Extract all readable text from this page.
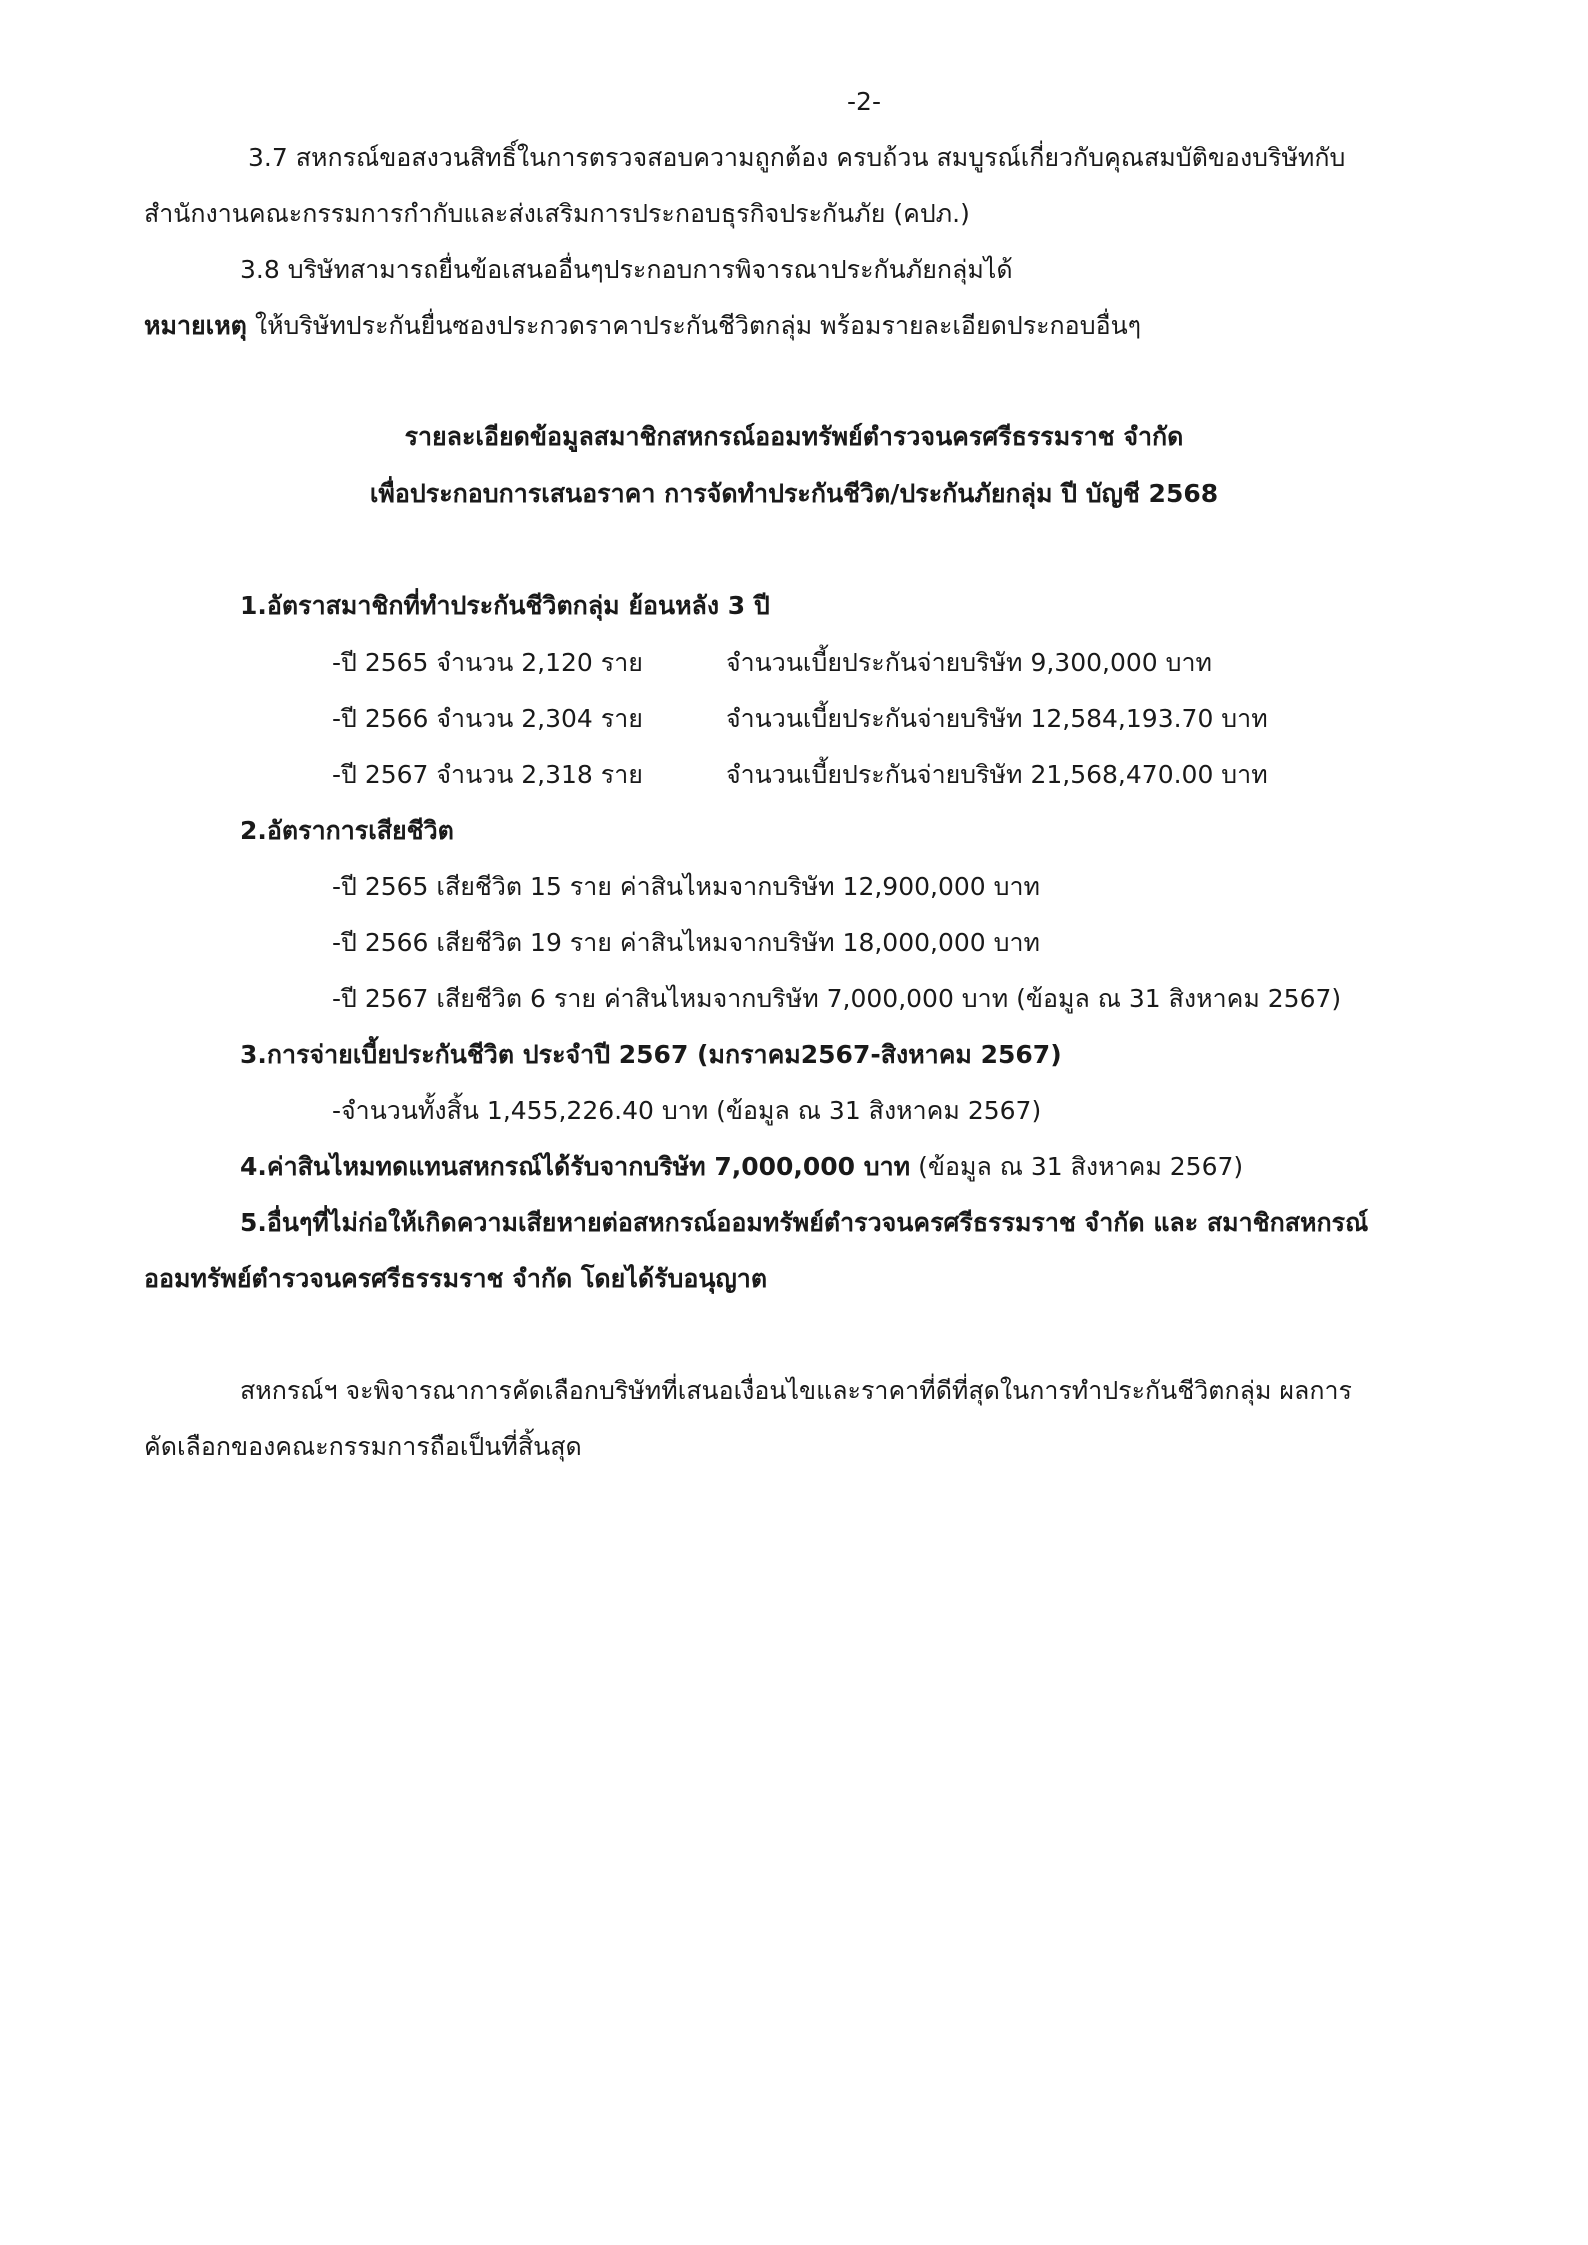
-2-

3.7 สหกรณ์ขอสงวนสิทธิ์ในการตรวจสอบความถูกต้อง ครบถ้วน สมบูรณ์เกี่ยวกับคุณสมบัติของบริษัทกับ

สำนักงานคณะกรรมการกำกับและส่งเสริมการประกอบธุรกิจประกันภัย (คปภ.)

3.8 บริษัทสามารถยื่นข้อเสนออื่นๆประกอบการพิจารณาประกันภัยกลุ่มได้

หมายเหตุ ให้บริษัทประกันยื่นซองประกวดราคาประกันชีวิตกลุ่ม พร้อมรายละเอียดประกอบอื่นๆ

รายละเอียดข้อมูลสมาชิกสหกรณ์ออมทรัพย์ตำรวจนครศรีธรรมราช จำกัด

เพื่อประกอบการเสนอราคา การจัดทำประกันชีวิต/ประกันภัยกลุ่ม ปี บัญชี 2568

1.อัตราสมาชิกที่ทำประกันชีวิตกลุ่ม ย้อนหลัง 3 ปี

-ปี 2565 จำนวน 2,120 ราย	จำนวนเบี้ยประกันจ่ายบริษัท 9,300,000 บาท
-ปี 2566 จำนวน 2,304 ราย	จำนวนเบี้ยประกันจ่ายบริษัท 12,584,193.70 บาท
-ปี 2567 จำนวน 2,318 ราย	จำนวนเบี้ยประกันจ่ายบริษัท 21,568,470.00 บาท

2.อัตราการเสียชีวิต

-ปี 2565 เสียชีวิต 15 ราย ค่าสินไหมจากบริษัท 12,900,000 บาท

-ปี 2566 เสียชีวิต 19 ราย ค่าสินไหมจากบริษัท 18,000,000 บาท

-ปี 2567 เสียชีวิต 6 ราย ค่าสินไหมจากบริษัท 7,000,000 บาท (ข้อมูล ณ 31 สิงหาคม 2567)

3.การจ่ายเบี้ยประกันชีวิต ประจำปี 2567 (มกราคม2567-สิงหาคม 2567)

-จำนวนทั้งสิ้น 1,455,226.40 บาท (ข้อมูล ณ 31 สิงหาคม 2567)

4.ค่าสินไหมทดแทนสหกรณ์ได้รับจากบริษัท 7,000,000 บาท (ข้อมูล ณ 31 สิงหาคม 2567)

5.อื่นๆที่ไม่ก่อให้เกิดความเสียหายต่อสหกรณ์ออมทรัพย์ตำรวจนครศรีธรรมราช จำกัด และ สมาชิกสหกรณ์

ออมทรัพย์ตำรวจนครศรีธรรมราช จำกัด โดยได้รับอนุญาต

สหกรณ์ฯ จะพิจารณาการคัดเลือกบริษัทที่เสนอเงื่อนไขและราคาที่ดีที่สุดในการทำประกันชีวิตกลุ่ม ผลการ

คัดเลือกของคณะกรรมการถือเป็นที่สิ้นสุด
